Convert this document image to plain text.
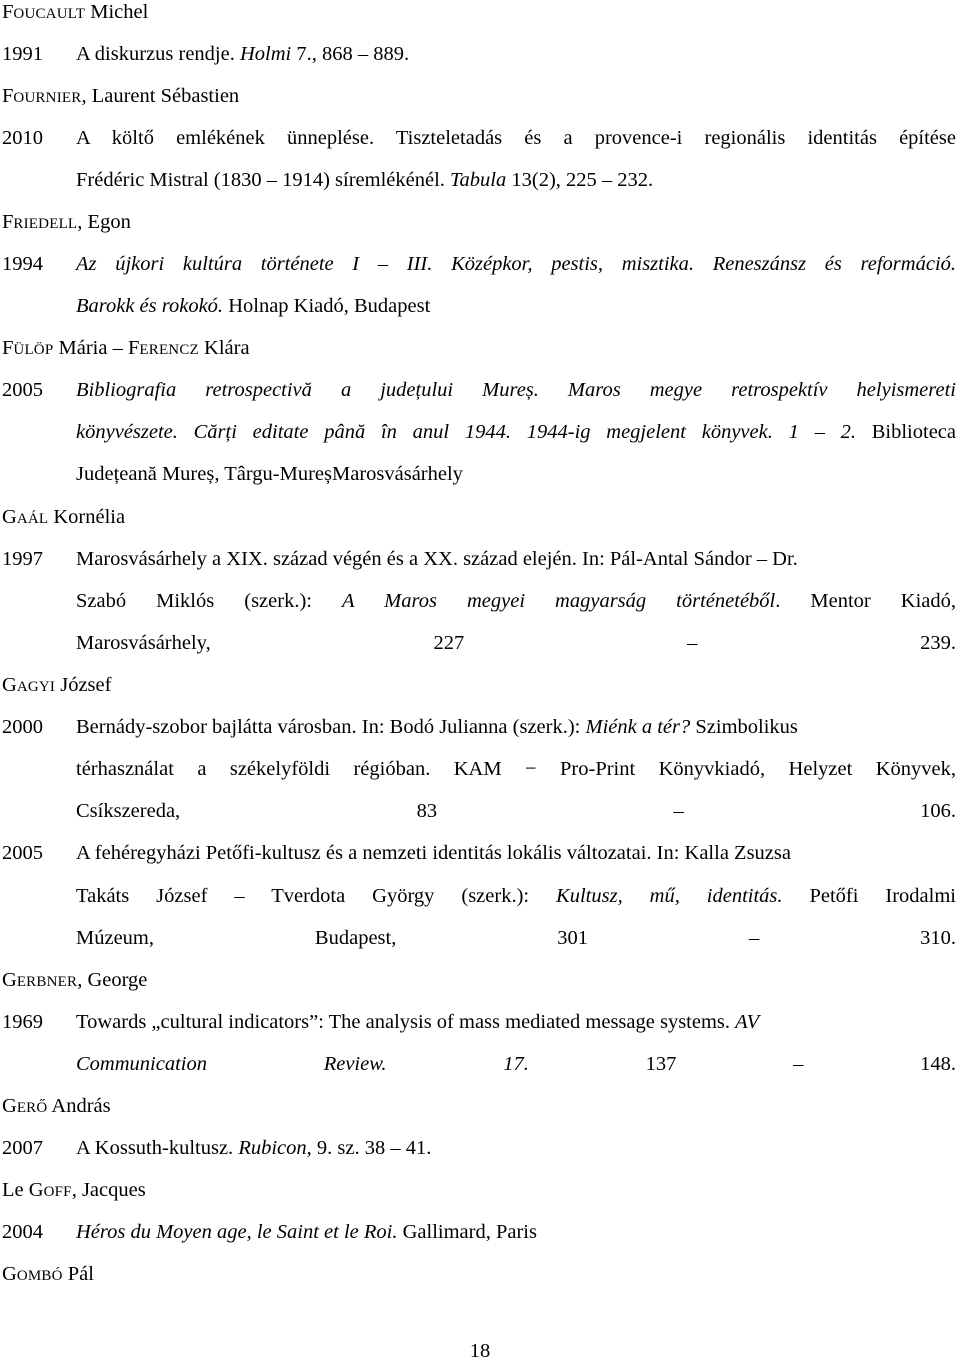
FOUCAULT Michel
1991	A diskurzus rendje. Holmi 7., 868 – 889.
FOURNIER, Laurent Sébastien
2010	A költő emlékének ünneplése. Tiszteletadás és a provence-i regionális identitás építése
Frédéric Mistral (1830 – 1914) síremlékénél. Tabula 13(2), 225 – 232.
FRIEDELL, Egon
1994	Az újkori kultúra története I – III. Középkor, pestis, misztika. Reneszánsz és reformáció.
Barokk és rokokó. Holnap Kiadó, Budapest
FÜLÖP Mária – FERENCZ Klára
2005	Bibliografia retrospectivă a județului Mureș. Maros megye retrospektív helyismereti
könyvészete. Cărți editate până în anul 1944. 1944-ig megjelent könyvek. 1 – 2. Biblioteca
Județeană Mureș, Târgu-MureșMarosvásárhely
GAÁL Kornélia
1997	Marosvásárhely a XIX. század végén és a XX. század elején. In: Pál-Antal Sándor – Dr.
Szabó Miklós (szerk.): A Maros megyei magyarság történetéből. Mentor Kiadó,
Marosvásárhely, 227 – 239.
GAGYI József
2000	Bernády-szobor bajlátta városban. In: Bodó Julianna (szerk.): Miénk a tér? Szimbolikus
térhasználat a székelyföldi régióban. KAM − Pro-Print Könyvkiadó, Helyzet Könyvek,
Csíkszereda, 83 – 106.
2005	A fehéregyházi Petőfi-kultusz és a nemzeti identitás lokális változatai. In: Kalla Zsuzsa
Takáts József – Tverdota György (szerk.): Kultusz, mű, identitás. Petőfi Irodalmi
Múzeum, Budapest, 301 – 310.
GERBNER, George
1969	Towards „cultural indicators”: The analysis of mass mediated message systems. AV
Communication Review. 17. 137 – 148.
GERŐ András
2007	A Kossuth-kultusz. Rubicon, 9. sz. 38 – 41.
Le GOFF, Jacques
2004	Héros du Moyen age, le Saint et le Roi. Gallimard, Paris
GOMBÓ Pál
18
